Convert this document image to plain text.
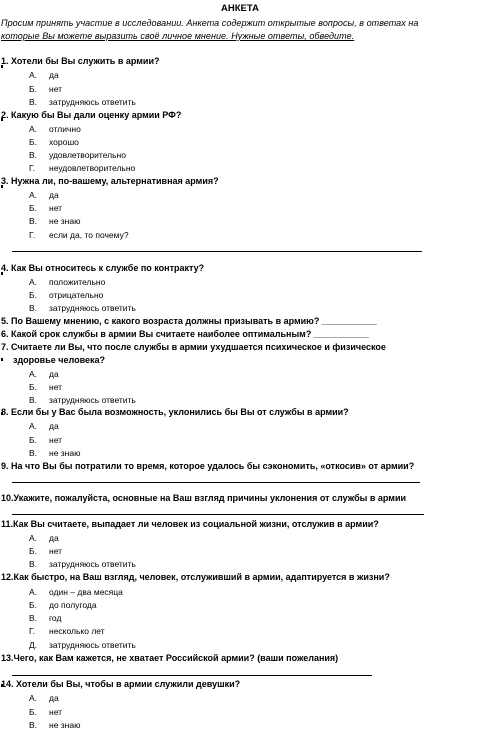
АНКЕТА
Просим принять участие в исследовании. Анкета содержит открытые вопросы, в ответах на
которые Вы можете выразить своё личное мнение. Нужные ответы, обведите.
1. Хотели бы Вы служить в армии?
А. да
Б. нет
В. затрудняюсь ответить
2. Какую бы Вы дали оценку армии РФ?
А. отлично
Б. хорошо
В. удовлетворительно
Г. неудовлетворительно
3. Нужна ли, по-вашему, альтернативная армия?
А. да
Б. нет
В. не знаю
Г. если да, то почему?
4. Как Вы относитесь к службе по контракту?
А. положительно
Б. отрицательно
В. затрудняюсь ответить
5. По Вашему мнению, с какого возраста должны призывать в армию? ___________
6. Какой срок службы в армии Вы считаете наиболее оптимальным? ___________
7. Считаете ли Вы, что после службы в армии ухудшается психическое и физическое
здоровье человека?
А. да
Б. нет
В. затрудняюсь ответить
8. Если бы у Вас была возможность, уклонились бы Вы от службы в армии?
А. да
Б. нет
В. не знаю
9. На что Вы бы потратили то время, которое удалось бы сэкономить, «откосив» от армии?
10.Укажите, пожалуйста, основные на Ваш взгляд причины уклонения от службы в армии
11.Как Вы считаете, выпадает ли человек из социальной жизни, отслужив в армии?
А. да
Б. нет
В. затрудняюсь ответить
12.Как быстро, на Ваш взгляд, человек, отслуживший в армии, адаптируется в жизни?
А. один – два месяца
Б. до полугода
В. год
Г. несколько лет
Д. затрудняюсь ответить
13.Чего, как Вам кажется, не хватает Российской армии? (ваши пожелания)
14. Хотели бы Вы, чтобы в армии служили девушки?
А. да
Б. нет
В. не знаю
